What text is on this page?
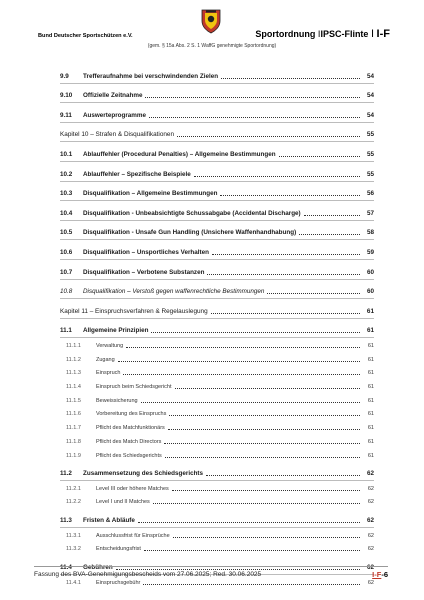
Bund Deutscher Sportschützen e.V.	Sportordnung IIPSC-Flinte I I-F
(gem. § 15a Abs. 2 S. 1 WaffG genehmigte Sportordnung)
9.9	Trefferaufnahme bei verschwindenden Zielen	54
9.10	Offizielle Zeitnahme	54
9.11	Auswerteprogramme	54
Kapitel 10 – Strafen & Disqualifikationen	55
10.1	Ablauffehler (Procedural Penalties) – Allgemeine Bestimmungen	55
10.2	Ablauffehler – Spezifische Beispiele	55
10.3	Disqualifikation – Allgemeine Bestimmungen	56
10.4	Disqualifikation - Unbeabsichtigte Schussabgabe (Accidental Discharge)	57
10.5	Disqualifikation - Unsafe Gun Handling (Unsichere Waffenhandhabung)	58
10.6	Disqualifikation – Unsportliches Verhalten	59
10.7	Disqualifikation – Verbotene Substanzen	60
10.8	Disqualifikation – Verstoß gegen waffenrechtliche Bestimmungen	60
Kapitel 11 – Einspruchsverfahren & Regelauslegung	61
11.1	Allgemeine Prinzipien	61
11.1.1	Verwaltung	61
11.1.2	Zugang	61
11.1.3	Einspruch	61
11.1.4	Einspruch beim Schiedsgericht	61
11.1.5	Beweissicherung	61
11.1.6	Vorbereitung des Einspruchs	61
11.1.7	Pflicht des Matchfunktionärs	61
11.1.8	Pflicht des Match Directors	61
11.1.9	Pflicht des Schiedsgerichts	61
11.2	Zusammensetzung des Schiedsgerichts	62
11.2.1	Level III oder höhere Matches	62
11.2.2	Level I und II Matches	62
11.3	Fristen & Abläufe	62
11.3.1	Ausschlussfrist für Einsprüche	62
11.3.2	Entscheidungsfrist	62
11.4	Gebühren	62
11.4.1	Einspruchsgebühr	62
Fassung des BVA-Genehmigungsbescheids vom 27.06.2025; Red. 30.06.2025	I-F-6
